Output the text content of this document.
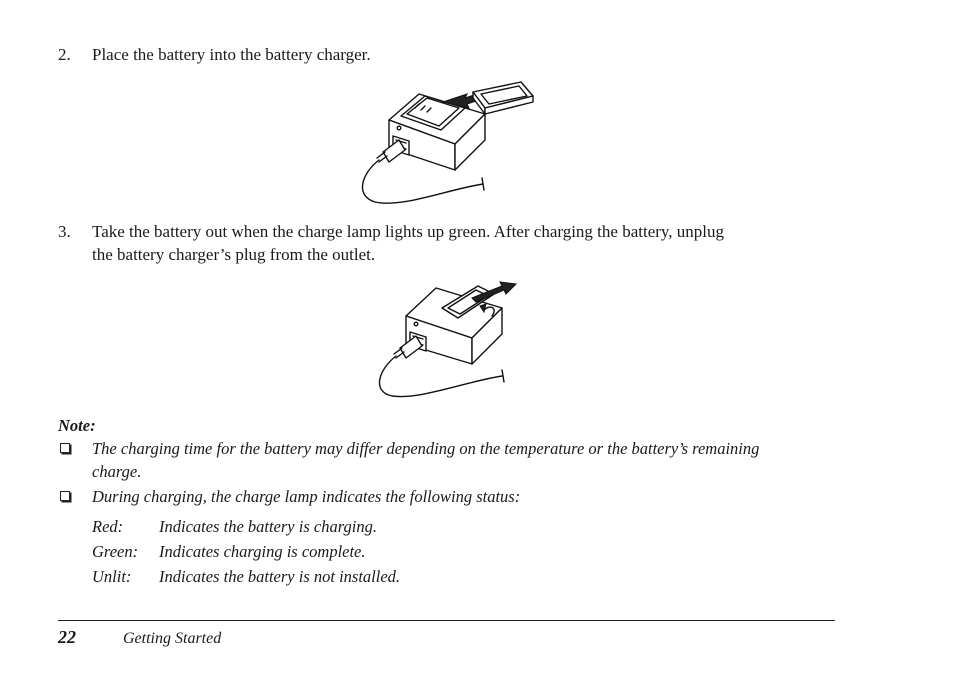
2.	Place the battery into the battery charger.
3.	Take the battery out when the charge lamp lights up green. After charging the battery, unplug
the battery charger’s plug from the outlet.
Note:
The charging time for the battery may differ depending on the temperature or the battery’s remaining
charge.
During charging, the charge lamp indicates the following status:
Red: Indicates the battery is charging.
Green: Indicates charging is complete.
Unlit: Indicates the battery is not installed.
22	Getting Started
